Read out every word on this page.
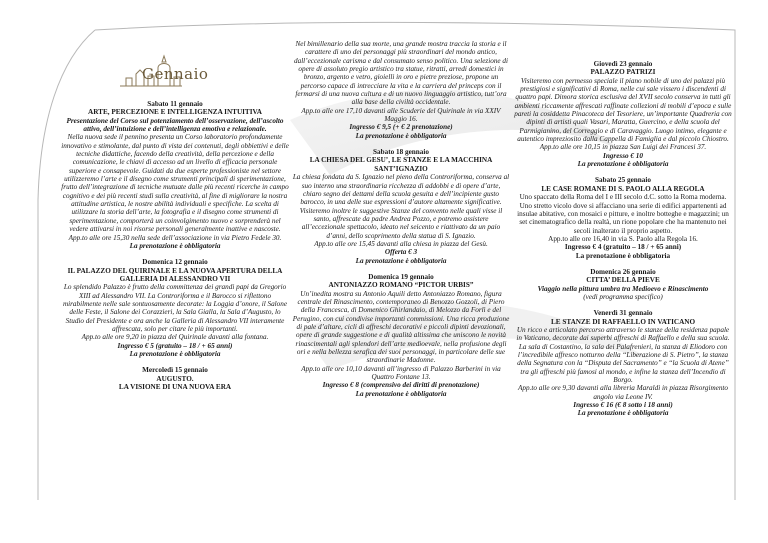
Gennaio

Sabato 11 gennaio

ARTE, PERCEZIONE E INTELLIGENZA INTUITIVA

Presentazione del Corso sul potenziamento dell’osservazione, dell’ascolto attivo, dell’intuizione e dell’intelligenza emotiva e relazionale.

Nella nuova sede il pennino presenta un Corso laboratorio profondamente innovativo e stimolante, dal punto di vista dei contenuti, degli obbiettivi e delle tecniche didattiche, facendo della creatività, della percezione e della comunicazione, le chiavi di accesso ad un livello di efficacia personale superiore e consapevole. Guidati da due esperte professioniste nel settore utilizzeremo l’arte e il disegno come strumenti principali di sperimentazione, frutto dell’integrazione di tecniche mutuate dalle più recenti ricerche in campo cognitivo e dei più recenti studi sulla creatività, al fine di migliorare la nostra attitudine artistica, le nostre abilità individuali e specifiche. La scelta di utilizzare la storia dell’arte, la fotografia e il disegno come strumenti di sperimentazione, comporterà un coinvolgimento nuovo e sorprenderà nel vedere attivarsi in noi risorse personali generalmente inattive e nascoste.

App.to alle ore 15,30 nella sede dell’associazione in via Pietro Fedele 30.

La prenotazione è obbligatoria

Domenica 12 gennaio

IL PALAZZO DEL QUIRINALE E LA NUOVA APERTURA DELLA GALLERIA DI ALESSANDRO VII

Lo splendido Palazzo è frutto della committenza dei grandi papi da Gregorio XIII ad Alessandro VII. La Controriforma e il Barocco si riflettono mirabilmente nelle sale sontuosamente decorate: la Loggia d’onore, il Salone delle Feste, il Salone dei Corazzieri, la Sala Gialla, la Sala d’Augusto, lo Studio del Presidente e ora anche la Galleria di Alessandro VII interamente affrescata, solo per citare le più importanti.

App.to alle ore 9,20 in piazza del Quirinale davanti alla fontana.

Ingresso € 5 (gratuito – 18 / + 65 anni)

La prenotazione è obbligatoria

Mercoledì 15 gennaio

AUGUSTO.

LA VISIONE DI UNA NUOVA ERA

Nel bimillenario della sua morte, una grande mostra traccia la storia e il carattere di uno dei personaggi più straordinari del mondo antico, dall’eccezionale carisma e dal consumato senso politico. Una selezione di opere di assoluto pregio artistico tra statue, ritratti, arredi domestici in bronzo, argento e vetro, gioielli in oro e pietre preziose, propone un percorso capace di intrecciare la vita e la carriera del princeps con il fermarsi di una nuova cultura e di un nuovo linguaggio artistico, tutt’ora alla base della civiltà occidentale.

App.to alle ore 17,10 davanti alle Scuderie del Quirinale in via XXIV Maggio 16.

Ingresso € 9,5 (+ € 2 prenotazione)

La prenotazione è obbligatoria

Sabato 18 gennaio

LA CHIESA DEL GESU’, LE STANZE E LA MACCHINA SANT’IGNAZIO

La chiesa fondata da S. Ignazio nel pieno della Controriforma, conserva al suo interno una straordinaria ricchezza di addobbi e di opere d’arte, chiaro segno dei dettami della scuola gesuita e dell’incipiente gusto barocco, in una delle sue espressioni d’autore altamente significative. Visiteremo inoltre le suggestive Stanze del convento nelle quali visse il santo, affrescate da padre Andrea Pozzo, e potremo assistere all’eccezionale spettacolo, ideato nel seicento e riattivato da un paio d’anni, dello scoprimento della statua di S. Ignazio.

App.to alle ore 15,45 davanti alla chiesa in piazza del Gesù.

Offerta € 3

La prenotazione è obbligatoria

Domenica 19 gennaio

ANTONIAZZO ROMANO “PICTOR URBIS”

Un’inedita mostra su Antonio Aquili detto Antoniazzo Romano, figura centrale del Rinascimento, contemporaneo di Benozzo Gozzoli, di Piero della Francesca, di Domenico Ghirlandaio, di Melozzo da Forlì e del Perugino, con cui condivise importanti commissioni. Una ricca produzione di pale d’altare, cicli di affreschi decorativi e piccoli dipinti devozionali, opere di grande suggestione e di qualità altissima che uniscono le novità rinascimentali agli splendori dell’arte medioevale, nella profusione degli ori e nella bellezza serafica dei suoi personaggi, in particolare delle sue straordinarie Madonne.

App.to alle ore 10,10 davanti all’ingresso di Palazzo Barberini in via Quattro Fontane 13.

Ingresso € 8 (comprensivo dei diritti di prenotazione)

La prenotazione è obbligatoria

Giovedì 23 gennaio

PALAZZO PATRIZI

Visiteremo con permesso speciale il piano nobile di uno dei palazzi più prestigiosi e significativi di Roma, nelle cui sale vissero i discendenti di quattro papi. Dimora storica esclusiva del XVII secolo conserva in tutti gli ambienti riccamente affrescati raffinate collezioni di mobili d’epoca e sulle pareti la cosiddetta Pinacoteca del Tesoriere, un’importante Quadreria con dipinti di artisti quali Vasari, Maratta, Guercino, e della scuola del Parmigianino, del Correggio e di Caravaggio. Luogo intimo, elegante e autentico impreziosito dalla Cappella di Famiglia e dal piccolo Chiostro.

App.to alle ore 10,15 in piazza San Luigi dei Francesi 37.

Ingresso € 10

La prenotazione è obbligatoria

Sabato 25 gennaio

LE CASE ROMANE DI S. PAOLO ALLA REGOLA

Uno spaccato della Roma del I e III secolo d.C. sotto la Roma moderna. Uno stretto vicolo dove si affacciano una serie di edifici appartenenti ad insulae abitative, con mosaici e pitture, e inoltre botteghe e magazzini; un set cinematografico della realtà, un rione popolare che ha mantenuto nei secoli inalterato il proprio aspetto.

App.to alle ore 16,40 in via S. Paolo alla Regola 16.

Ingresso € 4 (gratuito – 18 / + 65 anni)

La prenotazione è obbligatoria

Domenica 26 gennaio

CITTA’ DELLA PIEVE

Viaggio nella pittura umbra tra Medioevo e Rinascimento

(vedi programma specifico)

Venerdì 31 gennaio

LE STANZE DI RAFFAELLO IN VATICANO

Un ricco e articolato percorso attraverso le stanze della residenza papale in Vaticano, decorate dai superbi affreschi di Raffaello e della sua scuola. La sala di Costantino, la sala dei Palafrenieri, la stanza di Eliodoro con l’incredibile affresco notturno della “Liberazione di S. Pietro”, la stanza della Segnatura con la “Disputa del Sacramento” e “la Scuola di Atene” tra gli affreschi più famosi al mondo, e infine la stanza dell’Incendio di Borgo.

App.to alle ore 9,30 davanti alla libreria Maraldi in piazza Risorgimento angolo via Leone IV.

Ingresso € 16 (€ 8 sotto i 18 anni)

La prenotazione è obbligatoria
